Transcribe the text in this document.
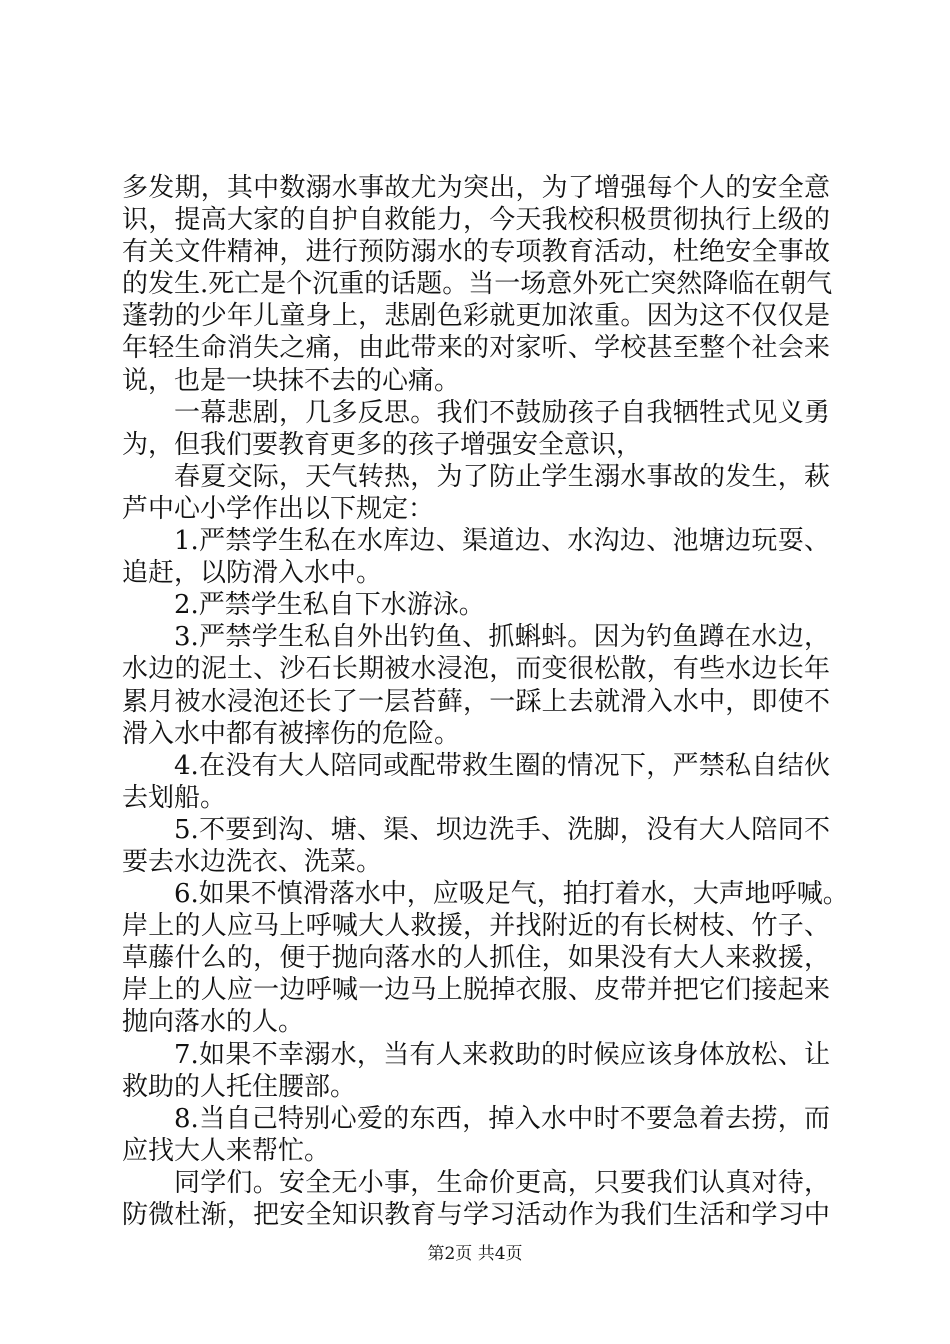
多发期，其中数溺水事故尤为突出，为了增强每个人的安全意
识，提高大家的自护自救能力，今天我校积极贯彻执行上级的
有关文件精神，进行预防溺水的专项教育活动，杜绝安全事故
的发生.死亡是个沉重的话题。当一场意外死亡突然降临在朝气
蓬勃的少年儿童身上，悲剧色彩就更加浓重。因为这不仅仅是
年轻生命消失之痛，由此带来的对家听、学校甚至整个社会来
说，也是一块抹不去的心痛。
一幕悲剧，几多反思。我们不鼓励孩子自我牺牲式见义勇
为，但我们要教育更多的孩子增强安全意识，
春夏交际，天气转热，为了防止学生溺水事故的发生，萩
芦中心小学作出以下规定：
1.严禁学生私在水库边、渠道边、水沟边、池塘边玩耍、
追赶，以防滑入水中。
2.严禁学生私自下水游泳。
3.严禁学生私自外出钓鱼、抓蝌蚪。因为钓鱼蹲在水边，
水边的泥土、沙石长期被水浸泡，而变很松散，有些水边长年
累月被水浸泡还长了一层苔藓，一踩上去就滑入水中，即使不
滑入水中都有被摔伤的危险。
4.在没有大人陪同或配带救生圈的情况下，严禁私自结伙
去划船。
5.不要到沟、塘、渠、坝边洗手、洗脚，没有大人陪同不
要去水边洗衣、洗菜。
6.如果不慎滑落水中，应吸足气，拍打着水，大声地呼喊。
岸上的人应马上呼喊大人救援，并找附近的有长树枝、竹子、
草藤什么的，便于抛向落水的人抓住，如果没有大人来救援，
岸上的人应一边呼喊一边马上脱掉衣服、皮带并把它们接起来
抛向落水的人。
7.如果不幸溺水，当有人来救助的时候应该身体放松、让
救助的人托住腰部。
8.当自己特别心爱的东西，掉入水中时不要急着去捞，而
应找大人来帮忙。
同学们。安全无小事，生命价更高，只要我们认真对待，
防微杜渐，把安全知识教育与学习活动作为我们生活和学习中
第2页 共4页
